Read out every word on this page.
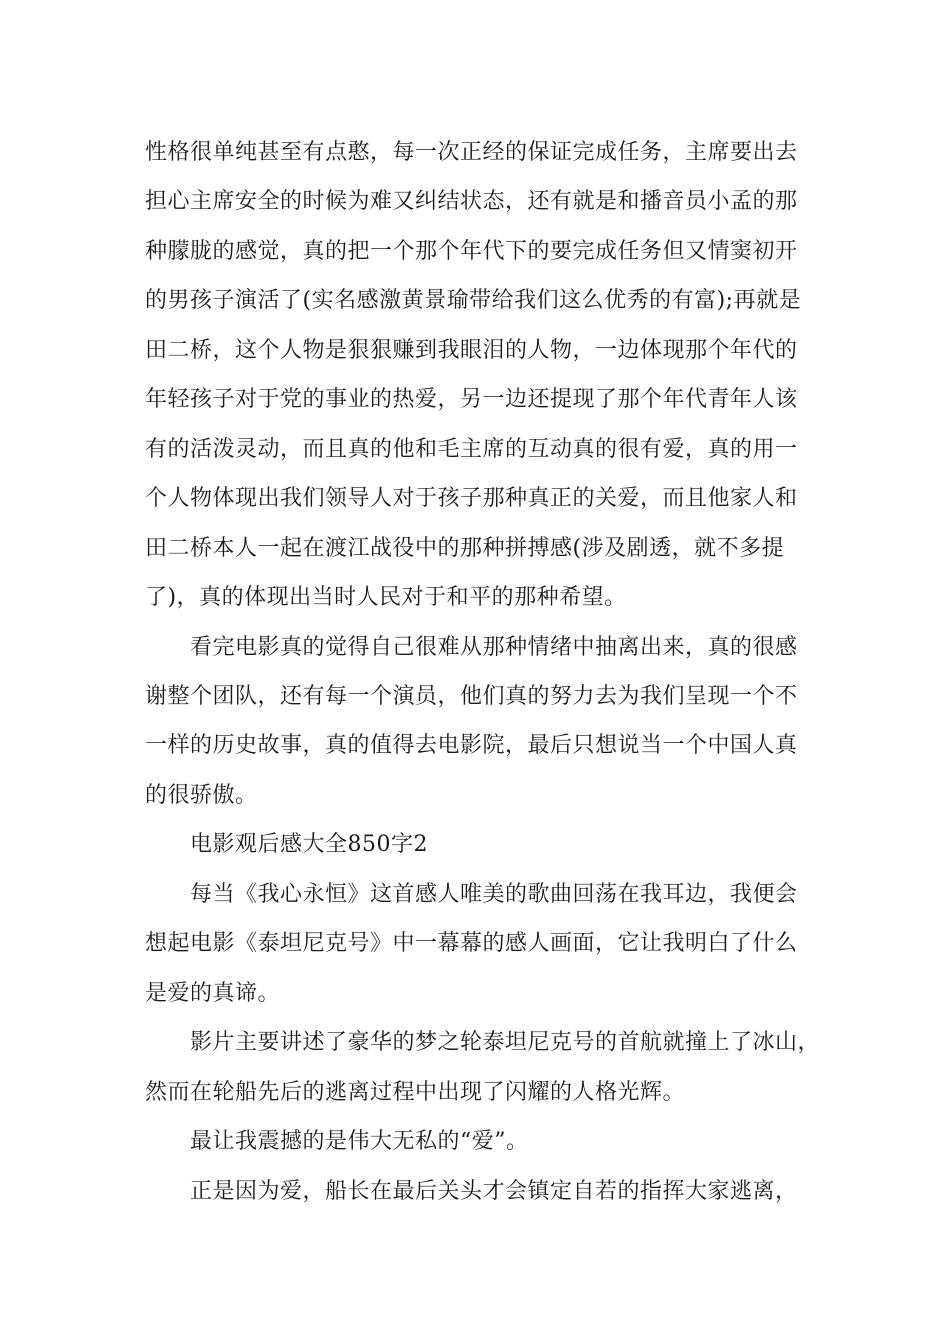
性格很单纯甚至有点憨，每一次正经的保证完成任务，主席要出去

担心主席安全的时候为难又纠结状态，还有就是和播音员小孟的那

种朦胧的感觉，真的把一个那个年代下的要完成任务但又情窦初开

的男孩子演活了(实名感激黄景瑜带给我们这么优秀的有富);再就是

田二桥，这个人物是狠狠赚到我眼泪的人物，一边体现那个年代的

年轻孩子对于党的事业的热爱，另一边还提现了那个年代青年人该

有的活泼灵动，而且真的他和毛主席的互动真的很有爱，真的用一

个人物体现出我们领导人对于孩子那种真正的关爱，而且他家人和

田二桥本人一起在渡江战役中的那种拼搏感(涉及剧透，就不多提

了)，真的体现出当时人民对于和平的那种希望。

看完电影真的觉得自己很难从那种情绪中抽离出来，真的很感

谢整个团队，还有每一个演员，他们真的努力去为我们呈现一个不

一样的历史故事，真的值得去电影院，最后只想说当一个中国人真

的很骄傲。

电影观后感大全850字2

每当《我心永恒》这首感人唯美的歌曲回荡在我耳边，我便会

想起电影《泰坦尼克号》中一幕幕的感人画面，它让我明白了什么

是爱的真谛。

影片主要讲述了豪华的梦之轮泰坦尼克号的首航就撞上了冰山，

然而在轮船先后的逃离过程中出现了闪耀的人格光辉。

最让我震撼的是伟大无私的“爱”。

正是因为爱，船长在最后关头才会镇定自若的指挥大家逃离，
